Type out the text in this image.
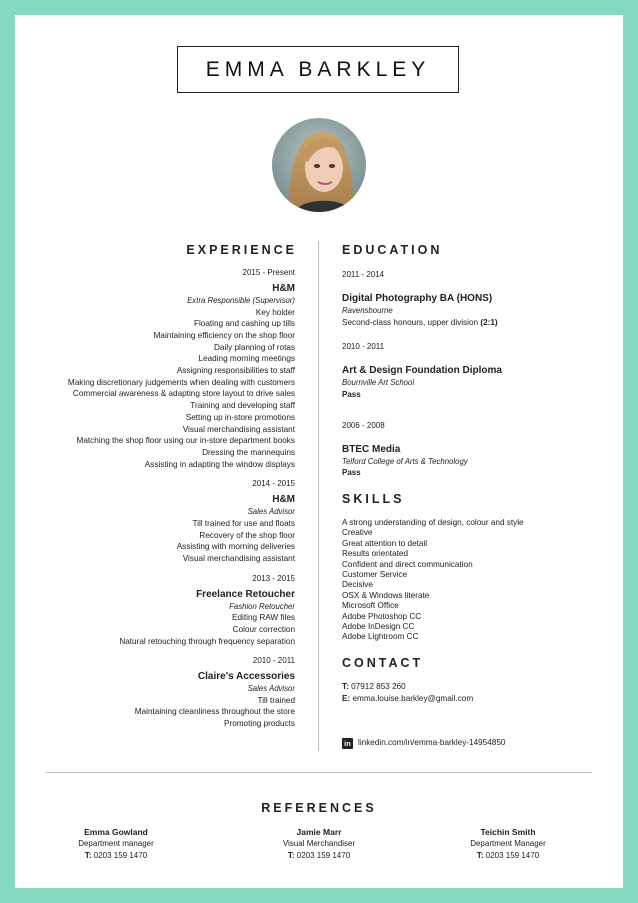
EMMA BARKLEY
EXPERIENCE
2015 - Present
H&M
Extra Responsible (Supervisor)
Key holder
Floating and cashing up tills
Maintaining efficiency on the shop floor
Daily planning of rotas
Leading morning meetings
Assigning responsibilities to staff
Making discretionary judgements when dealing with customers
Commercial awareness & adapting store layout to drive sales
Training and developing staff
Setting up in-store promotions
Visual merchandising assistant
Matching the shop floor using our in-store department books
Dressing the mannequins
Assisting in adapting the window displays
2014 - 2015
H&M
Sales Advisor
Till trained for use and floats
Recovery of the shop floor
Assisting with morning deliveries
Visual merchandising assistant
2013 - 2015
Freelance Retoucher
Fashion Retoucher
Editing RAW files
Colour correction
Natural retouching through frequency separation
2010 - 2011
Claire's Accessories
Sales Advisor
Till trained
Maintaining cleanliness throughout the store
Promoting products
EDUCATION
2011 - 2014
Digital Photography BA (HONS)
Ravensbourne
Second-class honours, upper division (2:1)
2010 - 2011
Art & Design Foundation Diploma
Bournville Art School
Pass
2006 - 2008
BTEC Media
Telford College of Arts & Technology
Pass
SKILLS
A strong understanding of design, colour and style
Creative
Great attention to detail
Results orientated
Confident and direct communication
Customer Service
Decisive
OSX & Windows literate
Microsoft Office
Adobe Photoshop CC
Adobe InDesign CC
Adobe Lightroom CC
CONTACT
T: 07912 853 260
E: emma.louise.barkley@gmail.com
in linkedin.com/in/emma-barkley-14954850
REFERENCES
Emma Gowland
Department manager
T: 0203 159 1470
Jamie Marr
Visual Merchandiser
T: 0203 159 1470
Teichin Smith
Department Manager
T: 0203 159 1470
